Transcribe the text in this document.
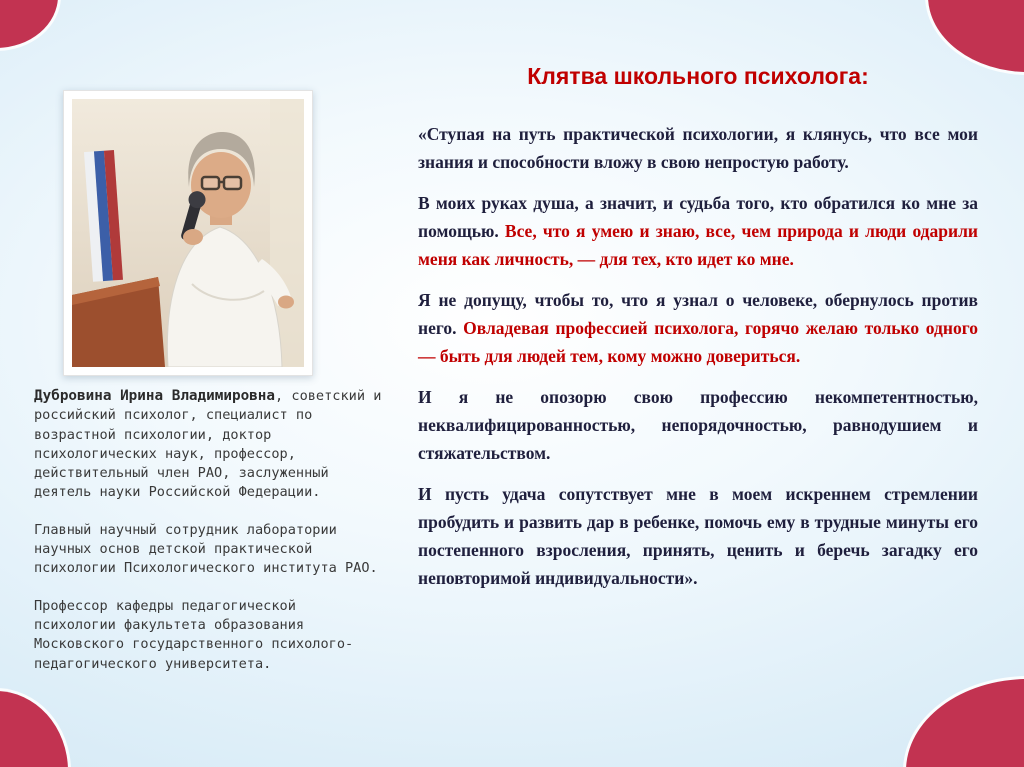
Дубровина Ирина Владимировна, советский и российский психолог, специалист по возрастной психологии, доктор психологических наук, профессор, действительный член РАО, заслуженный деятель науки Российской Федерации.

Главный научный сотрудник лаборатории научных основ детской практической психологии Психологического института РАО.

Профессор кафедры педагогической психологии факультета образования Московского государственного психолого-педагогического университета.

Клятва школьного психолога:

«Ступая на путь практической психологии, я клянусь, что все мои знания и способности вложу в свою непростую работу.

В моих руках душа, а значит, и судьба того, кто обратился ко мне за помощью. Все, что я умею и знаю, все, чем природа и люди одарили меня как личность, — для тех, кто идет ко мне.

Я не допущу, чтобы то, что я узнал о человеке, обернулось против него. Овладевая профессией психолога, горячо желаю только одного — быть для людей тем, кому можно довериться.

И я не опозорю свою профессию некомпетентностью, неквалифицированностью, непорядочностью, равнодушием и стяжательством.

И пусть удача сопутствует мне в моем искреннем стремлении пробудить и развить дар в ребенке, помочь ему в трудные минуты его постепенного взросления, принять, ценить и беречь загадку его неповторимой индивидуальности».
